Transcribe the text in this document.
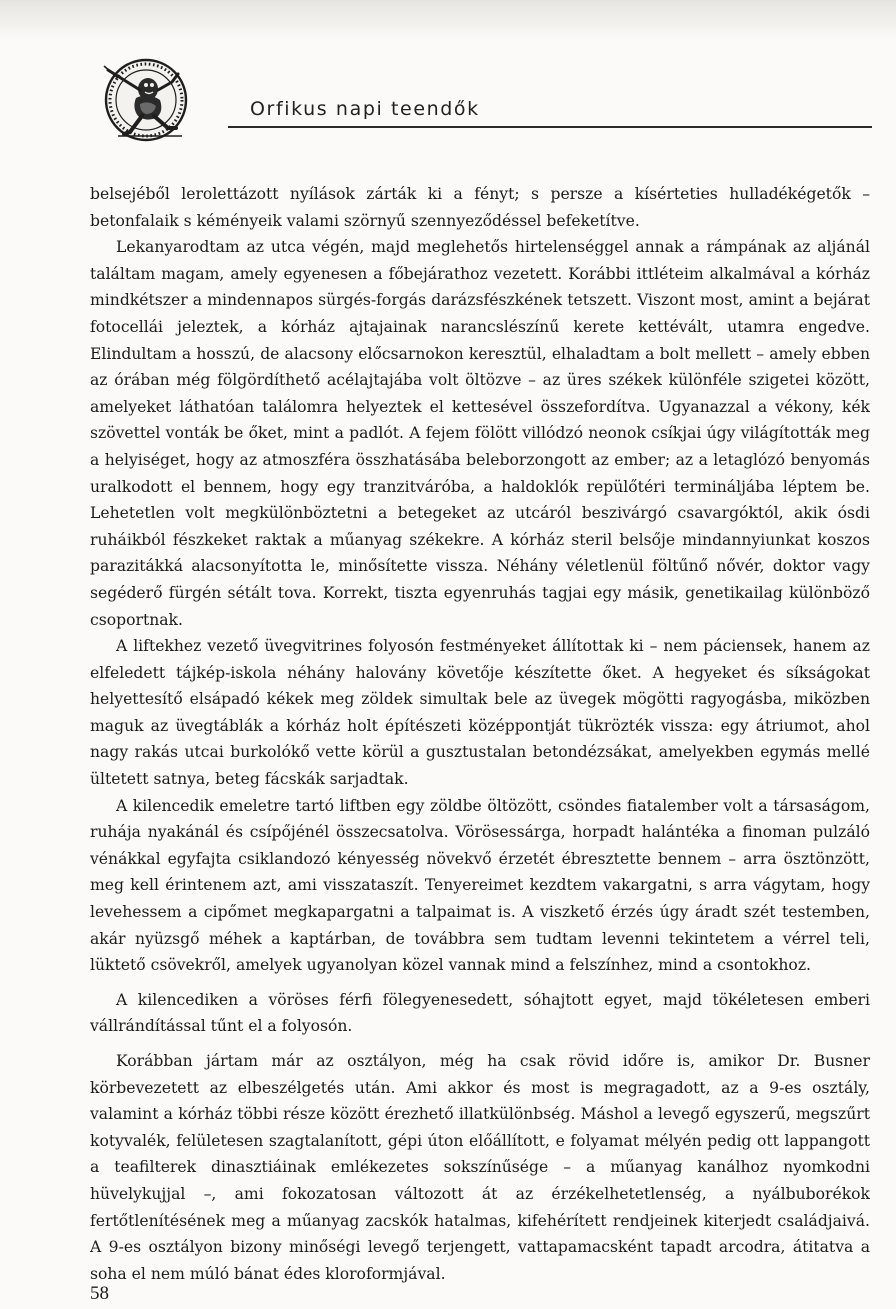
Orfikus napi teendők

belsejéből lerolettázott nyílások zárták ki a fényt; s persze a kísérteties hulladékégetők – betonfalaik s kéményeik valami szörnyű szennyeződéssel befeketítve.

Lekanyarodtam az utca végén, majd meglehetős hirtelenséggel annak a rámpának az aljánál találtam magam, amely egyenesen a főbejárathoz vezetett. Korábbi ittléteim alkalmával a kórház mindkétszer a mindennapos sürgés-forgás darázsfészkének tetszett. Viszont most, amint a bejárat fotocellái jeleztek, a kórház ajtajainak narancslészínű kerete kettévált, utamra engedve. Elindultam a hosszú, de alacsony előcsarnokon keresztül, elhaladtam a bolt mellett – amely ebben az órában még fölgördíthető acélajtajába volt öltözve – az üres székek különféle szigetei között, amelyeket láthatóan találomra helyeztek el kettesével összefordítva. Ugyanazzal a vékony, kék szövettel vonták be őket, mint a padlót. A fejem fölött villódzó neonok csíkjai úgy világították meg a helyiséget, hogy az atmoszféra összhatásába beleborzongott az ember; az a letaglózó benyomás uralkodott el bennem, hogy egy tranzitváróba, a haldoklók repülőtéri termináljába léptem be. Lehetetlen volt megkülönböztetni a betegeket az utcáról beszivárgó csavargóktól, akik ósdi ruháikból fészkeket raktak a műanyag székekre. A kórház steril belsője mindannyiunkat koszos parazitákká alacsonyította le, minősítette vissza. Néhány véletlenül föltűnő nővér, doktor vagy segéderő fürgén sétált tova. Korrekt, tiszta egyenruhás tagjai egy másik, genetikailag különböző csoportnak.

A liftekhez vezető üvegvitrines folyosón festményeket állítottak ki – nem páciensek, hanem az elfeledett tájkép-iskola néhány halovány követője készítette őket. A hegyeket és síkságokat helyettesítő elsápadó kékek meg zöldek simultak bele az üvegek mögötti ragyogásba, miközben maguk az üvegtáblák a kórház holt építészeti középpontját tükrözték vissza: egy átriumot, ahol nagy rakás utcai burkolókő vette körül a gusztustalan betondézsákat, amelyekben egymás mellé ültetett satnya, beteg fácskák sarjadtak.

A kilencedik emeletre tartó liftben egy zöldbe öltözött, csöndes fiatalember volt a társaságom, ruhája nyakánál és csípőjénél összecsatolva. Vörösessárga, horpadt halántéka a finoman pulzáló vénákkal egyfajta csiklandozó kényesség növekvő érzetét ébresztette bennem – arra ösztönzött, meg kell érintenem azt, ami visszataszít. Tenyereimet kezdtem vakargatni, s arra vágytam, hogy levehessem a cipőmet megkapargatni a talpaimat is. A viszkető érzés úgy áradt szét testemben, akár nyüzsgő méhek a kaptárban, de továbbra sem tudtam levenni tekintetem a vérrel teli, lüktető csövekről, amelyek ugyanolyan közel vannak mind a felszínhez, mind a csontokhoz.

A kilencediken a vöröses férfi fölegyenesedett, sóhajtott egyet, majd tökéletesen emberi vállrándítással tűnt el a folyosón.

Korábban jártam már az osztályon, még ha csak rövid időre is, amikor Dr. Busner körbevezetett az elbeszélgetés után. Ami akkor és most is megragadott, az a 9-es osztály, valamint a kórház többi része között érezhető illatkülönbség. Máshol a levegő egyszerű, megszűrt kotyvalék, felületesen szagtalanított, gépi úton előállított, e folyamat mélyén pedig ott lappangott a teafilterek dinasztiáinak emlékezetes sokszínűsége – a műanyag kanálhoz nyomkodni hüvelykujjal –, ami fokozatosan változott át az érzékelhetetlenség, a nyálbuborékok fertőtlenítésének meg a műanyag zacskók hatalmas, kifehérített rendjeinek kiterjedt családjaivá. A 9-es osztályon bizony minőségi levegő terjengett, vattapamacsként tapadt arcodra, átitatva a soha el nem múló bánat édes kloroformjával.

58
